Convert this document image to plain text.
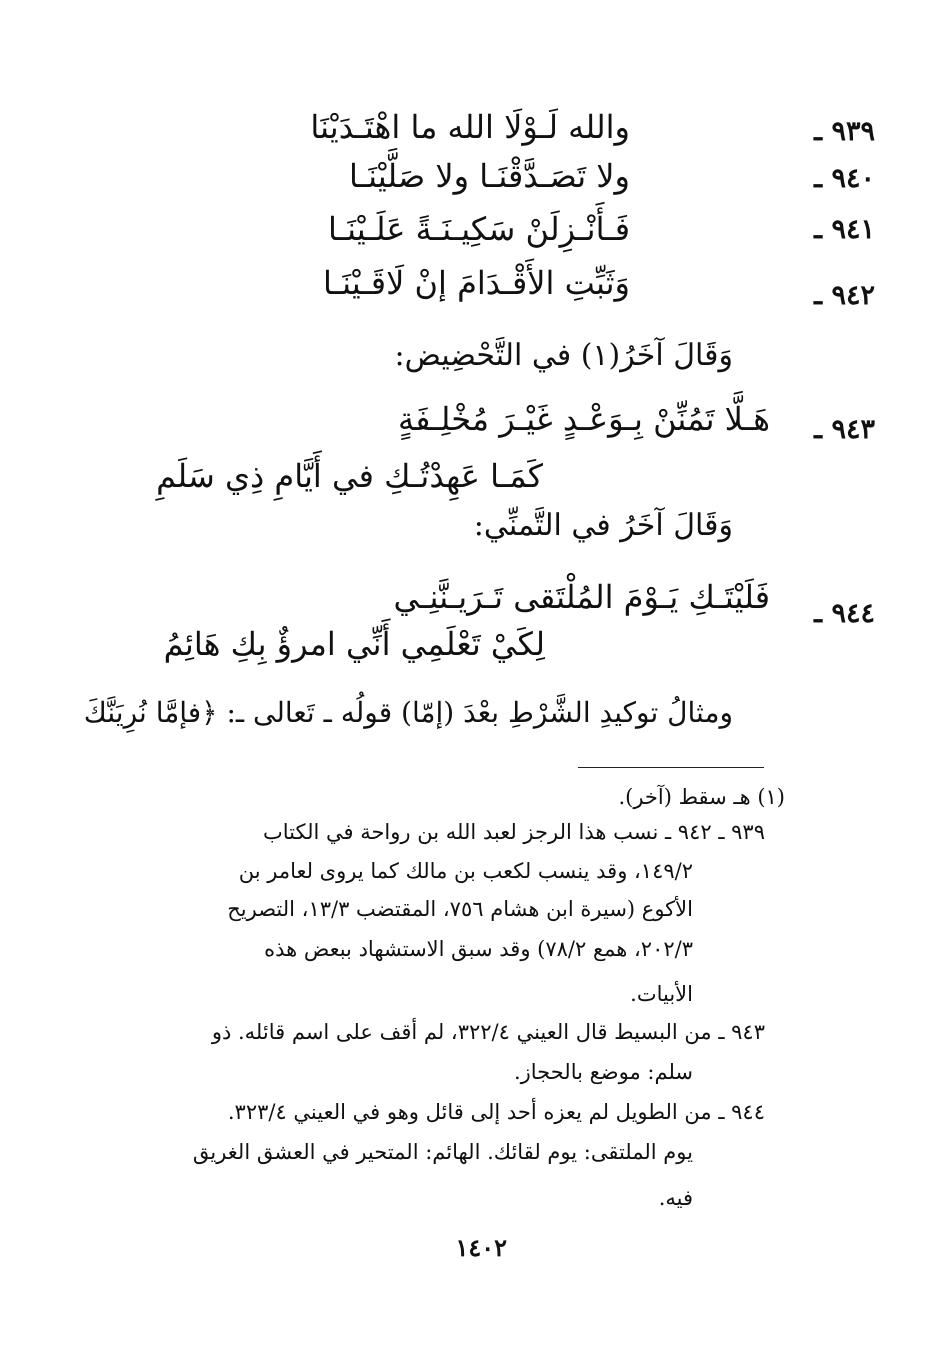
٩٣٩ ـ
والله لَـوْلَا الله ما اهْتَـدَيْنَا
٩٤٠ ـ
ولا تَصَـدَّقْنَـا ولا صَلَّيْنَـا
٩٤١ ـ
فَـأَنْـزِلَنْ سَكِيـنَـةً عَلَـيْنَـا
٩٤٢ ـ
وَثَبِّتِ الأَقْـدَامَ إنْ لَاقَـيْنَـا
وَقَالَ آخَرُ(١) في التَّحْضِيض:
٩٤٣ ـ
هَـلَّا تَمُنِّنْ بِـوَعْـدٍ غَيْـرَ مُخْلِـفَةٍ
كَمَـا عَهِدْتُـكِ في أَيَّامِ ذِي سَلَمِ
وَقَالَ آخَرُ في التَّمنِّي:
٩٤٤ ـ
فَلَيْتَـكِ يَـوْمَ المُلْتَقى تَـرَيـنَّنِـي
لِكَيْ تَعْلَمِي أَنِّي امرؤٌ بِكِ هَائِمُ
ومثالُ توكيدِ الشَّرْطِ بعْدَ (إمّا) قولُه ـ تَعالى ـ: ﴿فإمَّا نُرِيَنَّكَ
(١) هـ سقط (آخر).
٩٣٩ ـ ٩٤٢ ـ نسب هذا الرجز لعبد الله بن رواحة في الكتاب
١٤٩/٢، وقد ينسب لكعب بن مالك كما يروى لعامر بن
الأكوع (سيرة ابن هشام ٧٥٦، المقتضب ١٣/٣، التصريح
٢٠٢/٣، همع ٧٨/٢) وقد سبق الاستشهاد ببعض هذه
الأبيات.
٩٤٣ ـ من البسيط قال العيني ٣٢٢/٤، لم أقف على اسم قائله. ذو
سلم: موضع بالحجاز.
٩٤٤ ـ من الطويل لم يعزه أحد إلى قائل وهو في العيني ٣٢٣/٤.
يوم الملتقى: يوم لقائك. الهائم: المتحير في العشق الغريق
فيه.
١٤٠٢
